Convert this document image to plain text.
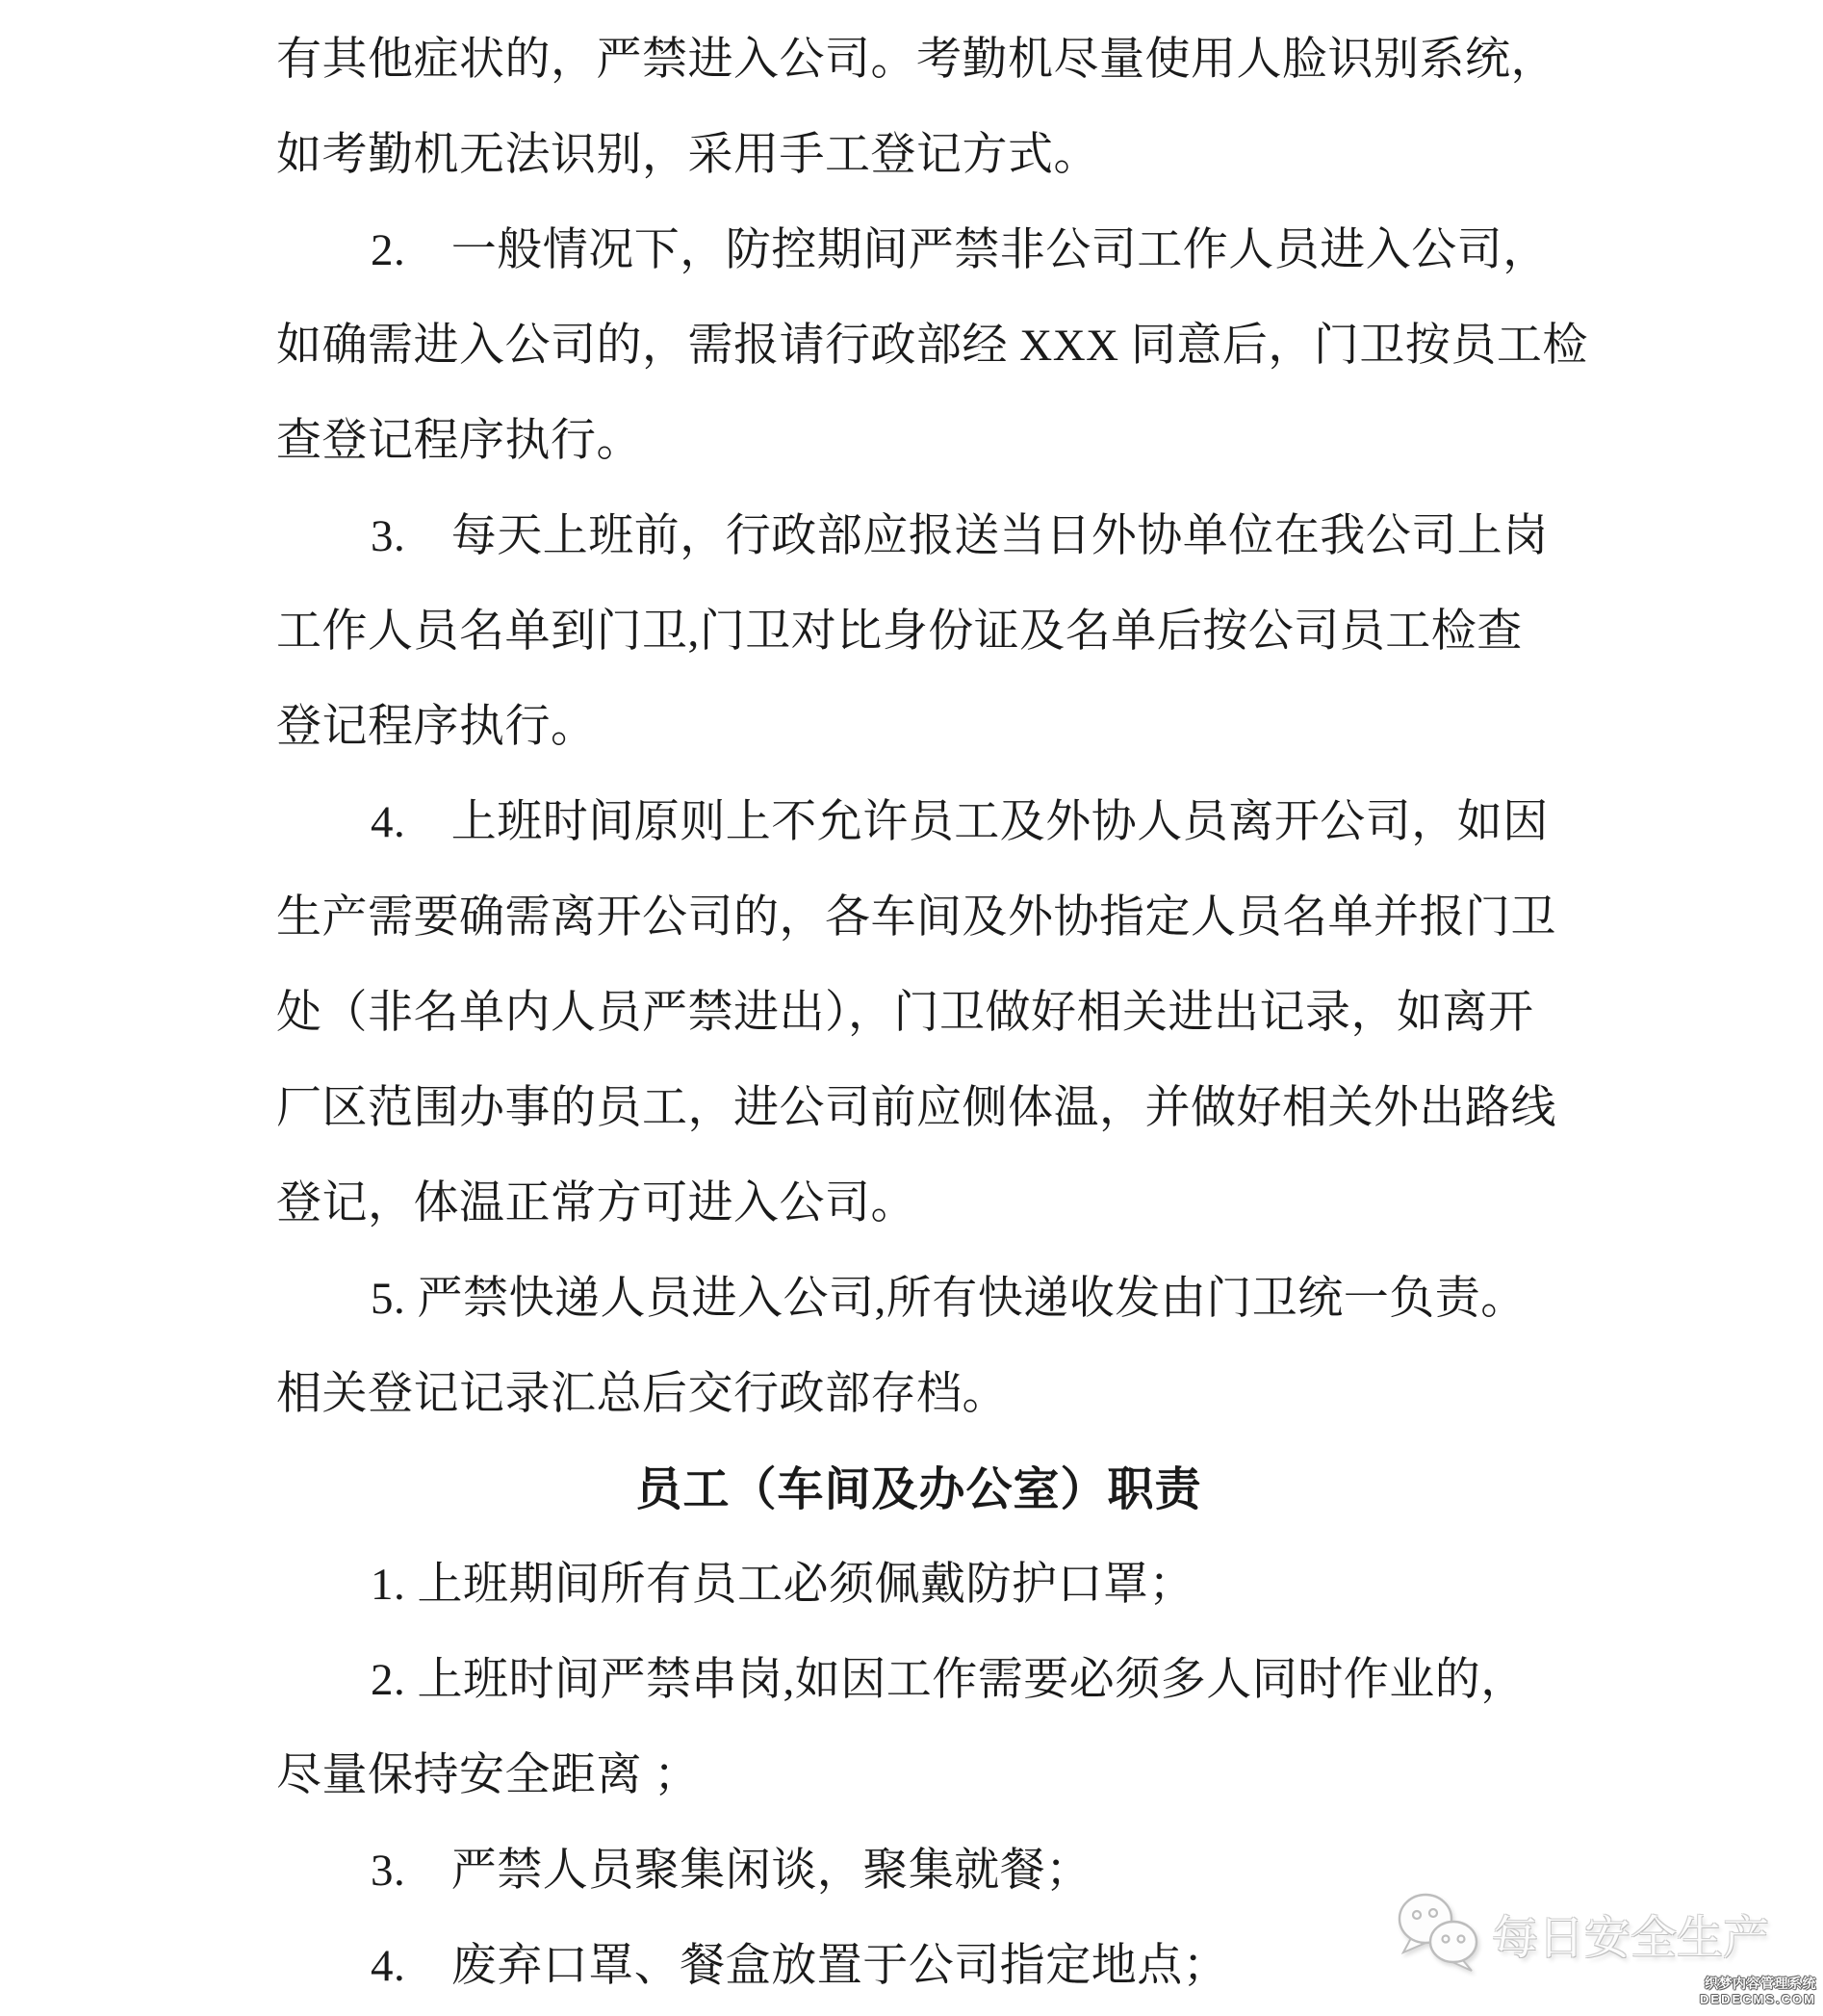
有其他症状的，严禁进入公司。考勤机尽量使用人脸识别系统，
如考勤机无法识别，采用手工登记方式。
2.　一般情况下，防控期间严禁非公司工作人员进入公司，
如确需进入公司的，需报请行政部经 XXX 同意后，门卫按员工检
查登记程序执行。
3.　每天上班前，行政部应报送当日外协单位在我公司上岗
工作人员名单到门卫,门卫对比身份证及名单后按公司员工检查
登记程序执行。
4.　上班时间原则上不允许员工及外协人员离开公司，如因
生产需要确需离开公司的，各车间及外协指定人员名单并报门卫
处（非名单内人员严禁进出），门卫做好相关进出记录，如离开
厂区范围办事的员工，进公司前应侧体温，并做好相关外出路线
登记，体温正常方可进入公司。
5. 严禁快递人员进入公司,所有快递收发由门卫统一负责。
相关登记记录汇总后交行政部存档。
员工（车间及办公室）职责
1. 上班期间所有员工必须佩戴防护口罩；
2. 上班时间严禁串岗,如因工作需要必须多人同时作业的，
尽量保持安全距离 ；
3.　严禁人员聚集闲谈，聚集就餐；
4.　废弃口罩、餐盒放置于公司指定地点；
每日安全生产
织梦内容管理系统
DEDECMS.COM
